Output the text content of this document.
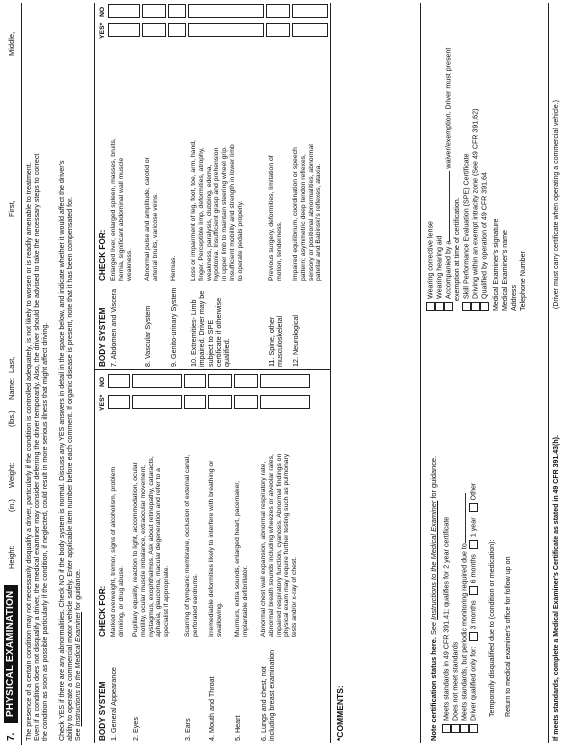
7.
PHYSICAL EXAMINATION
Height:
(in.)
Weight:
(lbs.)
Name:
Last,
First,
Middle,
The presence of a certain condition may not necessarily disqualify a driver, particularly if the condition is controlled adequately, is not likely to worsen or is readily amenable to treatment. Even if a condition does not disqualify a driver, the medical examiner may consider deferring the driver temporarily. Also, the driver should be advised to take the necessary steps to correct the condition as soon as possible particularly if the condition, if neglected, could result in more serious illness that might affect driving. Check YES if there are any abnormalities. Check NO if the body system is normal. Discuss any YES answers in detail in the space below, and indicate whether it would affect the driver's ability to operate a commercial motor vehicle safely. Enter applicable item number before each comment. If organic disease is present, note that it has been compensated for. See Instructions to the Medical Examiner for guidance.
BODY SYSTEM
CHECK FOR:
YES*
NO
BODY SYSTEM
CHECK FOR:
YES*
NO
1. General Appearance
Marked overweight, tremor, signs of alcoholism, problem drinking, or drug abuse.
2. Eyes
Pupillary equality, reaction to light, accommodation, ocular motility, ocular muscle imbalance, extraocular movement, nystagmus, exophthalmos. Ask about retinopathy, cataracts, aphakia, glaucoma, macular degeneration and refer to a specialist if appropriate.
3. Ears
Scarring of tympanic membrane, occlusion of external canal, perforated eardrums.
4. Mouth and Throat
Irremediable deformities likely to interfere with breathing or swallowing.
5. Heart
Murmurs, extra sounds, enlarged heart, pacemaker, implantable defibrillator.
6. Lungs and chest, not including breast examination
Abnormal chest wall expansion, abnormal respiratory rate, abnormal breath sounds including wheezes or alveolar rales, impaired respiratory function, cyanosis. Abnormal findings on physical exam may require further testing such as pulmonary tests and/or x-ray of chest.
7. Abdomen and Viscera
Enlarged liver, enlarged spleen, masses, bruits, hernia, significant abdominal wall muscle weakness.
8. Vascular System
Abnormal pulse and amplitude, carotid or arterial bruits, varicose veins.
9. Genito-urinary System
Hernias.
10. Extremities- Limb impaired. Driver may be subject to SPE certificate if otherwise qualified.
Loss or impairment of leg, foot, toe, arm, hand, finger. Perceptible limp, deformities, atrophy, weakness, paralysis, clubbing, edema, hypotonia. Insufficient grasp and prehension in upper limb to maintain steering wheel grip. Insufficient mobility and strength in lower limb to operate pedals properly.
11. Spine, other musculoskeletal
Previous surgery, deformities, limitation of motion, tenderness.
12. Neurological
Impaired equilibrium, coordination or speech pattern; asymmetric deep tendon reflexes, sensory or positional abnormalities, abnormal patellar and Babinski's reflexes, ataxia.
*COMMENTS:	Note certification status here. See Instructions to the Medical Examiner for guidance.
Meets standards in 49 CFR 391.41; qualifies for 2 year certificate Does not meet standards Meets standards, but periodic monitoring required due to Driver qualified only for: 3 months 6 months 1 year Other
Temporarily disqualified due to (condition or medication): Return to medical examiner's office for follow up on
Wearing corrective lense Wearing hearing aid Accompanied by a waiver/exemption. Driver must present
exemption at time of certification. Skill Performance Evaluation (SPE) Certificate Driving within an exempt intracity zone (See 49 CFR 391.62) Qualified by operation of 49 CFR 391.64 Medical Examiner's signature Medical Examiner's name Address Telephone Number
If meets standards, complete a Medical Examiner's Certificate as stated in 49 CFR 391.43(h).
(Driver must carry certificate when operating a commercial vehicle.)
